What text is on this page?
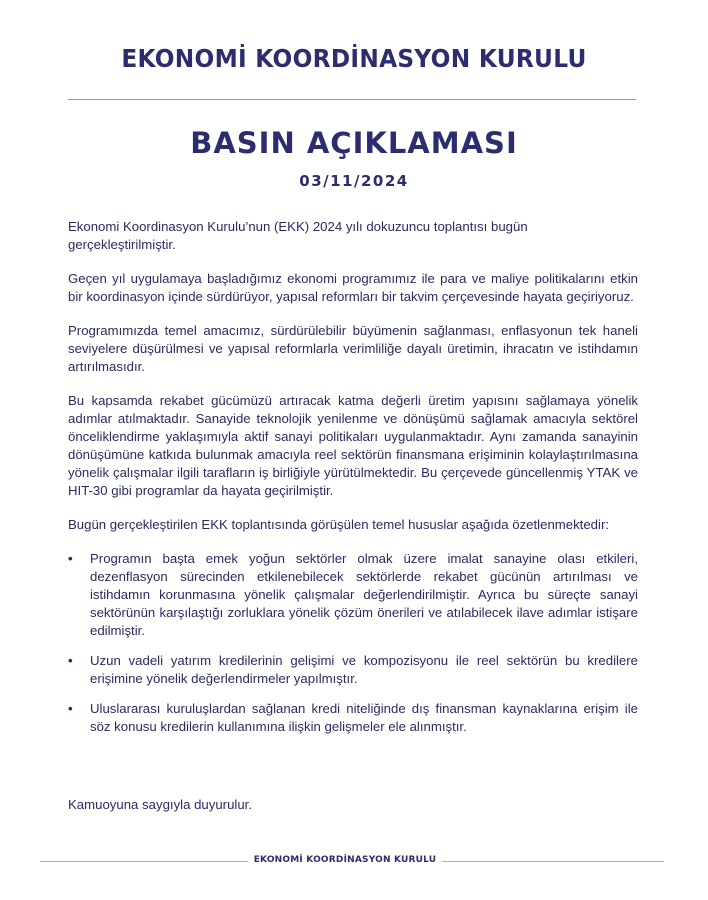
EKONOMİ KOORDİNASYON KURULU
BASIN AÇIKLAMASI
03/11/2024

Ekonomi Koordinasyon Kurulu’nun (EKK) 2024 yılı dokuzuncu toplantısı bugün gerçekleştirilmiştir.

Geçen yıl uygulamaya başladığımız ekonomi programımız ile para ve maliye politikalarını etkin bir koordinasyon içinde sürdürüyor, yapısal reformları bir takvim çerçevesinde hayata geçiriyoruz.

Programımızda temel amacımız, sürdürülebilir büyümenin sağlanması, enflasyonun tek haneli seviyelere düşürülmesi ve yapısal reformlarla verimliliğe dayalı üretimin, ihracatın ve istihdamın artırılmasıdır.

Bu kapsamda rekabet gücümüzü artıracak katma değerli üretim yapısını sağlamaya yönelik adımlar atılmaktadır. Sanayide teknolojik yenilenme ve dönüşümü sağlamak amacıyla sektörel önceliklendirme yaklaşımıyla aktif sanayi politikaları uygulanmaktadır. Aynı zamanda sanayinin dönüşümüne katkıda bulunmak amacıyla reel sektörün finansmana erişiminin kolaylaştırılmasına yönelik çalışmalar ilgili tarafların iş birliğiyle yürütülmektedir. Bu çerçevede güncellenmiş YTAK ve HIT-30 gibi programlar da hayata geçirilmiştir.

Bugün gerçekleştirilen EKK toplantısında görüşülen temel hususlar aşağıda özetlenmektedir:

• Programın başta emek yoğun sektörler olmak üzere imalat sanayine olası etkileri, dezenflasyon sürecinden etkilenebilecek sektörlerde rekabet gücünün artırılması ve istihdamın korunmasına yönelik çalışmalar değerlendirilmiştir. Ayrıca bu süreçte sanayi sektörünün karşılaştığı zorluklara yönelik çözüm önerileri ve atılabilecek ilave adımlar istişare edilmiştir.
• Uzun vadeli yatırım kredilerinin gelişimi ve kompozisyonu ile reel sektörün bu kredilere erişimine yönelik değerlendirmeler yapılmıştır.
• Uluslararası kuruluşlardan sağlanan kredi niteliğinde dış finansman kaynaklarına erişim ile söz konusu kredilerin kullanımına ilişkin gelişmeler ele alınmıştır.

Kamuoyuna saygıyla duyurulur.

EKONOMİ KOORDİNASYON KURULU
